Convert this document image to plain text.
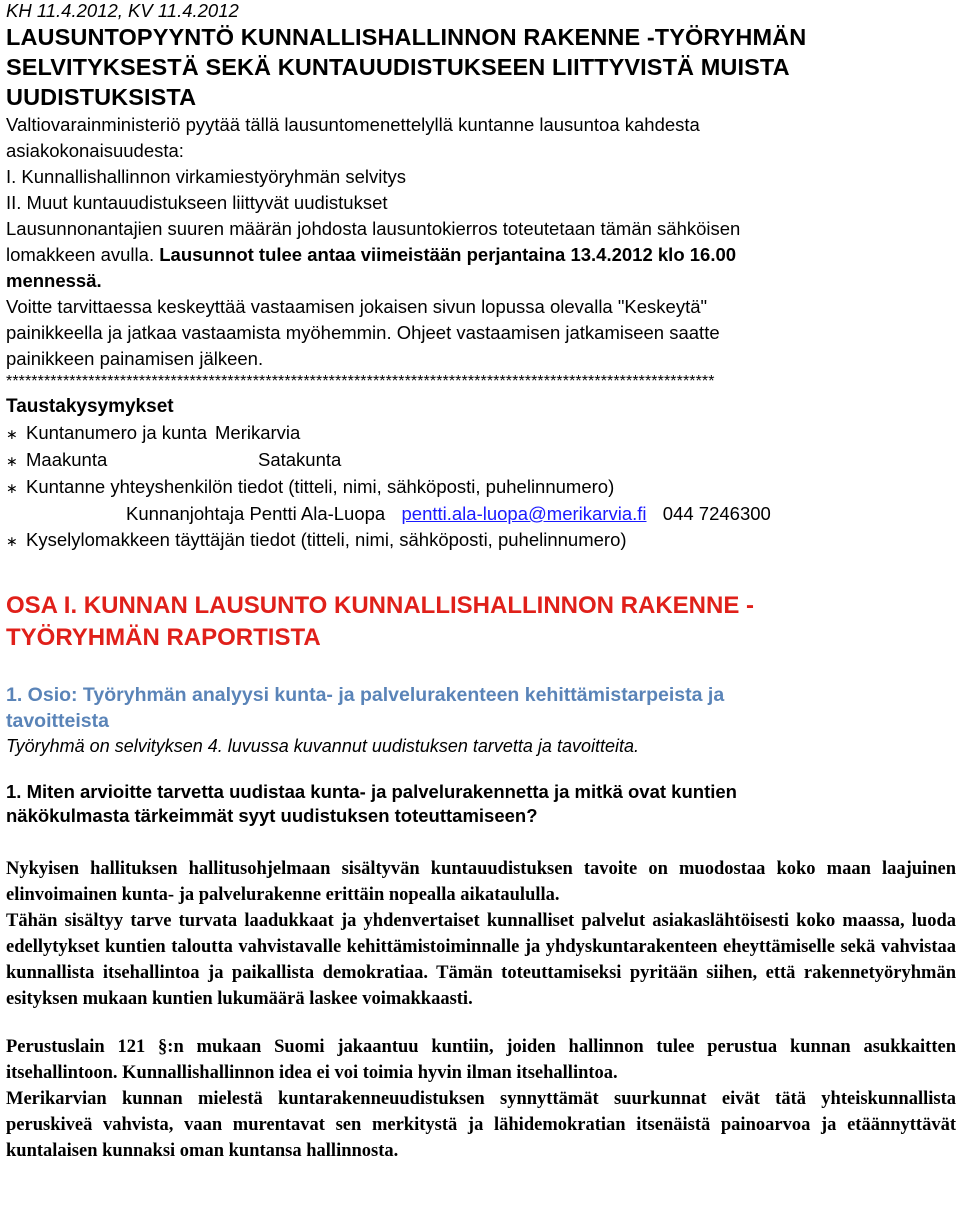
KH 11.4.2012, KV 11.4.2012
LAUSUNTOPYYNTÖ KUNNALLISHALLINNON RAKENNE -TYÖRYHMÄN
SELVITYKSESTÄ SEKÄ KUNTAUUDISTUKSEEN LIITTYVISTÄ MUISTA
UUDISTUKSISTA
Valtiovarainministeriö pyytää tällä lausuntomenettelyllä kuntanne lausuntoa kahdesta
asiakokonaisuudesta:
I. Kunnallishallinnon virkamiestyöryhmän selvitys
II. Muut kuntauudistukseen liittyvät uudistukset
Lausunnonantajien suuren määrän johdosta lausuntokierros toteutetaan tämän sähköisen
lomakkeen avulla. Lausunnot tulee antaa viimeistään perjantaina 13.4.2012 klo 16.00
mennessä.
Voitte tarvittaessa keskeyttää vastaamisen jokaisen sivun lopussa olevalla "Keskeytä"
painikkeella ja jatkaa vastaamista myöhemmin. Ohjeet vastaamisen jatkamiseen saatte
painikkeen painamisen jälkeen.
****************************************************************************************************************
Taustakysymykset
∗ Kuntanumero ja kunta Merikarvia
∗ Maakunta	Satakunta
∗ Kuntanne yhteyshenkilön tiedot (titteli, nimi, sähköposti, puhelinnumero)
Kunnanjohtaja Pentti Ala-Luopa pentti.ala-luopa@merikarvia.fi 044 7246300
∗ Kyselylomakkeen täyttäjän tiedot (titteli, nimi, sähköposti, puhelinnumero)
OSA I. KUNNAN LAUSUNTO KUNNALLISHALLINNON RAKENNE -
TYÖRYHMÄN RAPORTISTA
1. Osio: Työryhmän analyysi kunta- ja palvelurakenteen kehittämistarpeista ja
tavoitteista
Työryhmä on selvityksen 4. luvussa kuvannut uudistuksen tarvetta ja tavoitteita.
1. Miten arvioitte tarvetta uudistaa kunta- ja palvelurakennetta ja mitkä ovat kuntien
näkökulmasta tärkeimmät syyt uudistuksen toteuttamiseen?

Nykyisen hallituksen hallitusohjelmaan sisältyvän kuntauudistuksen tavoite on muodostaa koko maan laajuinen elinvoimainen kunta- ja palvelurakenne erittäin nopealla aikataululla.

Tähän sisältyy tarve turvata laadukkaat ja yhdenvertaiset kunnalliset palvelut asiakaslähtöisesti koko maassa, luoda edellytykset kuntien taloutta vahvistavalle kehittämistoiminnalle ja yhdyskuntarakenteen eheyttämiselle sekä vahvistaa kunnallista itsehallintoa ja paikallista demokratiaa. Tämän toteuttamiseksi pyritään siihen, että rakennetyöryhmän esityksen mukaan kuntien lukumäärä laskee voimakkaasti.

Perustuslain 121 §:n mukaan Suomi jakaantuu kuntiin, joiden hallinnon tulee perustua kunnan asukkaitten itsehallintoon. Kunnallishallinnon idea ei voi toimia hyvin ilman itsehallintoa.

Merikarvian kunnan mielestä kuntarakenneuudistuksen synnyttämät suurkunnat eivät tätä yhteiskunnallista peruskiveä vahvista, vaan murentavat sen merkitystä ja lähidemokratian itsenäistä painoarvoa ja etäännyttävät kuntalaisen kunnaksi oman kuntansa hallinnosta.
